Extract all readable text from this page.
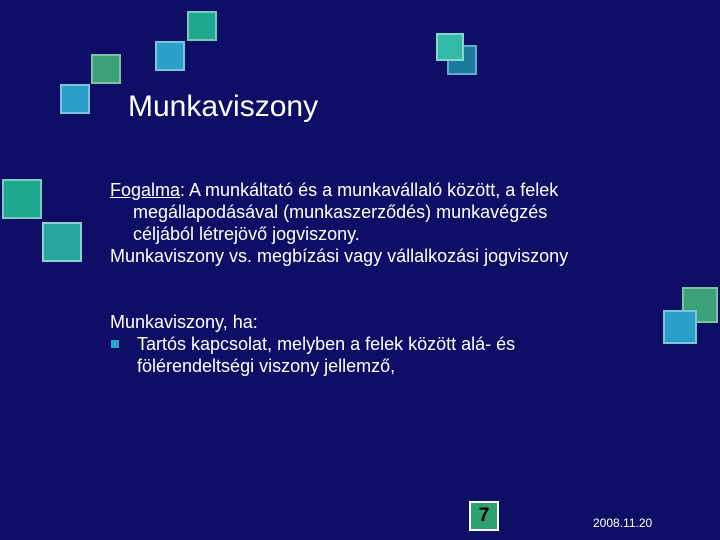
Munkaviszony

Fogalma: A munkáltató és a munkavállaló között, a felek

megállapodásával (munkaszerződés) munkavégzés

céljából létrejövő jogviszony.

Munkaviszony vs. megbízási vagy vállalkozási jogviszony

Munkaviszony, ha:

Tartós kapcsolat, melyben a felek között alá- és

fölérendeltségi viszony jellemző,

7	2008.11.20
